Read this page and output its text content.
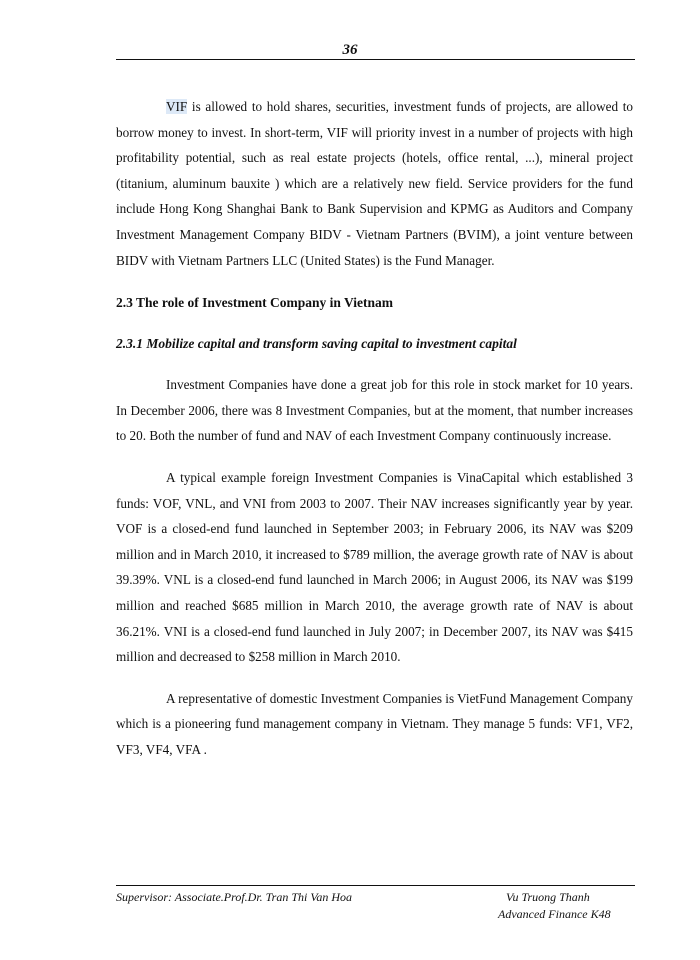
36

VIF is allowed to hold shares, securities, investment funds of projects, are allowed to borrow money to invest. In short-term, VIF will priority invest in a number of projects with high profitability potential, such as real estate projects (hotels, office rental, ...), mineral project (titanium, aluminum bauxite ) which are a relatively new field. Service providers for the fund include Hong Kong Shanghai Bank to Bank Supervision and KPMG as Auditors and Company Investment Management Company BIDV - Vietnam Partners (BVIM), a joint venture between BIDV with Vietnam Partners LLC (United States) is the Fund Manager.

2.3 The role of Investment Company in Vietnam

2.3.1 Mobilize capital and transform saving capital to investment capital

Investment Companies have done a great job for this role in stock market for 10 years. In December 2006, there was 8 Investment Companies, but at the moment, that number increases to 20. Both the number of fund and NAV of each Investment Company continuously increase.

A typical example foreign Investment Companies is VinaCapital which established 3 funds: VOF, VNL, and VNI from 2003 to 2007. Their NAV increases significantly year by year. VOF is a closed-end fund launched in September 2003; in February 2006, its NAV was $209 million and in March 2010, it increased to $789 million, the average growth rate of NAV is about 39.39%. VNL is a closed-end fund launched in March 2006; in August 2006, its NAV was $199 million and reached $685 million in March 2010, the average growth rate of NAV is about 36.21%. VNI is a closed-end fund launched in July 2007; in December 2007, its NAV was $415 million and decreased to $258 million in March 2010.

A representative of domestic Investment Companies is VietFund Management Company which is a pioneering fund management company in Vietnam. They manage 5 funds: VF1, VF2, VF3, VF4, VFA .

Supervisor: Associate.Prof.Dr. Tran Thi Van Hoa	Vu Truong Thanh
Advanced Finance K48
